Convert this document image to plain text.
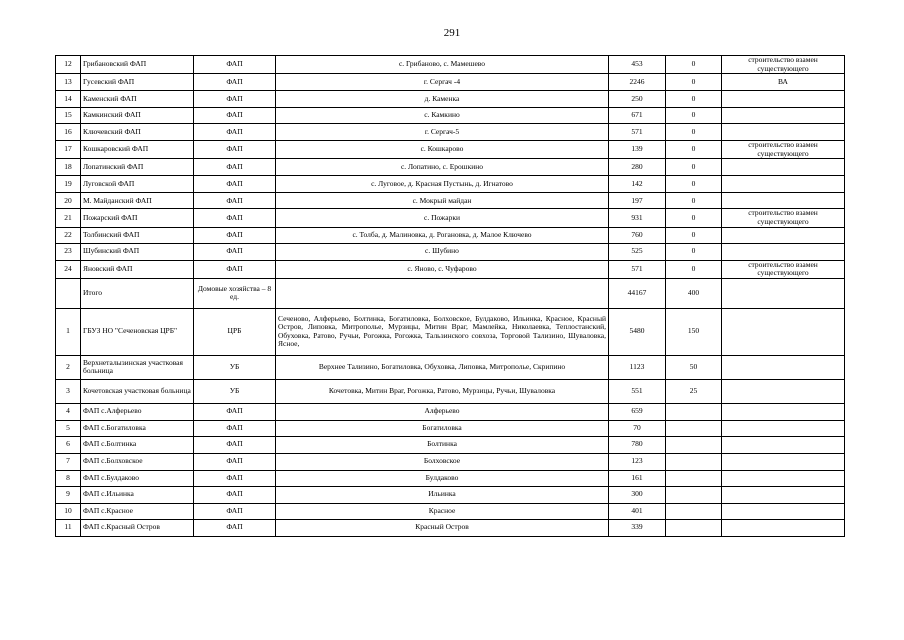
291
12	Грибановский ФАП	ФАП	с. Грибаново, с. Мамешево	453	0	строительство взамен существующего
13	Гусевский ФАП	ФАП	г. Сергач -4	2246	0	ВА
14	Каменский ФАП	ФАП	д. Каменка	250	0	
15	Камкинский ФАП	ФАП	с. Камкино	671	0	
16	Ключевский ФАП	ФАП	г. Сергач-5	571	0	
17	Кошкаровский ФАП	ФАП	с. Кошкарово	139	0	строительство взамен существующего
18	Лопатинский ФАП	ФАП	с. Лопатино, с. Ерошкино	280	0	
19	Луговской ФАП	ФАП	с. Луговое, д. Красная Пустынь, д. Игнатово	142	0	
20	М. Майданский ФАП	ФАП	с. Мокрый майдан	197	0	
21	Пожарский ФАП	ФАП	с. Пожарки	931	0	строительство взамен существующего
22	Толбинский ФАП	ФАП	с. Толба, д. Малиновка, д. Рогановка, д. Малое Ключево	760	0	
23	Шубинский ФАП	ФАП	с. Шубино	525	0	
24	Яновский ФАП	ФАП	с. Яново, с. Чуфарово	571	0	строительство взамен существующего
	Итого	Домовые хозяйства – 8 ед.		44167	400	
1	ГБУЗ НО "Сеченовская ЦРБ"	ЦРБ	Сеченово, Алферьево, Болтинка, Богатиловка, Болховское, Булдаково, Ильинка, Красное, Красный Остров, Липовка, Митрополье, Мурзицы, Митин Враг, Мамлейка, Николаевка, Теплостанский, Обуховка, Ратово, Ручьи, Рогожка, Рогожка, Тальзинского совхоза, Торговой Тализино, Шуваловка, Ясное,	5480	150	
2	Верхнеталызинская участковая больница	УБ	Верхнее Тализино, Богатиловка, Обуховка, Липовка, Митрополье, Скрипино	1123	50	
3	Кочетовская участковая больница	УБ	Кочетовка, Митин Враг, Рогожка, Ратово, Мурзицы, Ручьи, Шуваловка	551	25	
4	ФАП с.Алферьево	ФАП	Алферьево	659		
5	ФАП с.Богатиловка	ФАП	Богатиловка	70		
6	ФАП с.Болтинка	ФАП	Болтинка	780		
7	ФАП с.Болховское	ФАП	Болховское	123		
8	ФАП с.Булдаково	ФАП	Булдаково	161		
9	ФАП с.Ильинка	ФАП	Ильинка	300		
10	ФАП с.Красное	ФАП	Красное	401		
11	ФАП с.Красный Остров	ФАП	Красный Остров	339		
